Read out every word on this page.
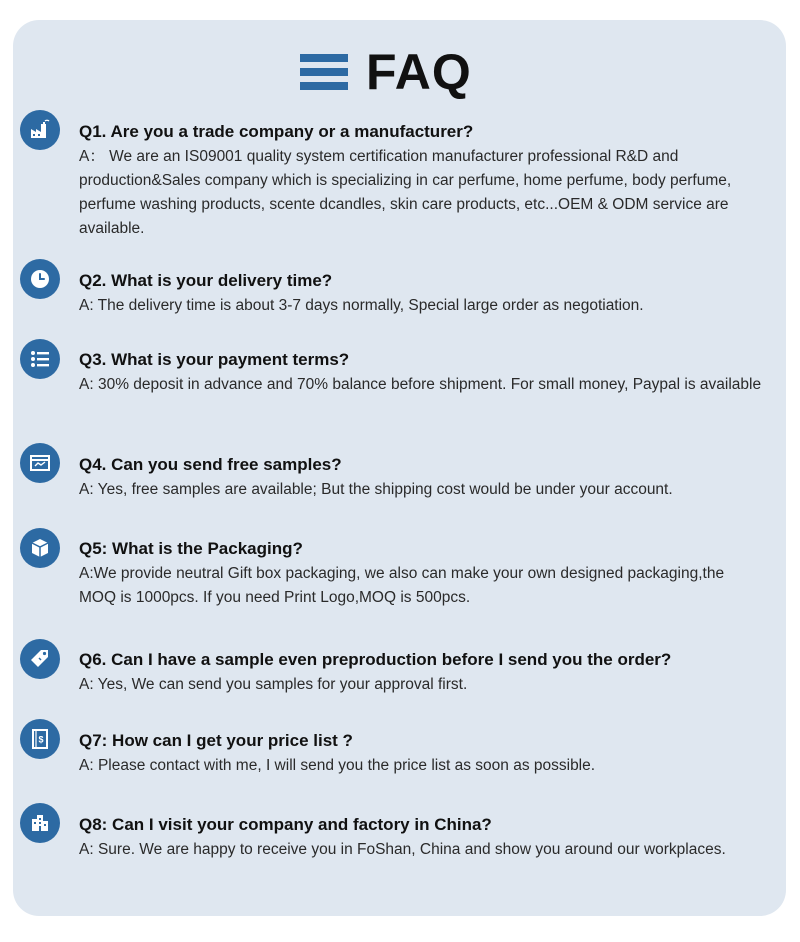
FAQ
Q1. Are you a trade company or a manufacturer?
A： We are an IS09001 quality system certification manufacturer professional R&D and production&Sales company which is specializing in car perfume, home perfume, body perfume, perfume washing products, scente dcandles, skin care products, etc...OEM & ODM service are available.
Q2. What is your delivery time?
A: The delivery time is about 3-7 days normally, Special large order as negotiation.
Q3. What is your payment terms?
A: 30% deposit in advance and 70% balance before shipment. For small money, Paypal is available
Q4. Can you send free samples?
A: Yes, free samples are available; But the shipping cost would be under your account.
Q5: What is the Packaging?
A:We provide neutral Gift box packaging, we also can make your own designed packaging,the MOQ is 1000pcs. If you need Print Logo,MOQ is 500pcs.
Q6. Can I have a sample even preproduction before I send you the order?
A: Yes, We can send you samples for your approval first.
$ Q7: How can I get your price list ?
A: Please contact with me, I will send you the price list as soon as possible.
Q8: Can I visit your company and factory in China?
A: Sure. We are happy to receive you in FoShan, China and show you around our workplaces.
